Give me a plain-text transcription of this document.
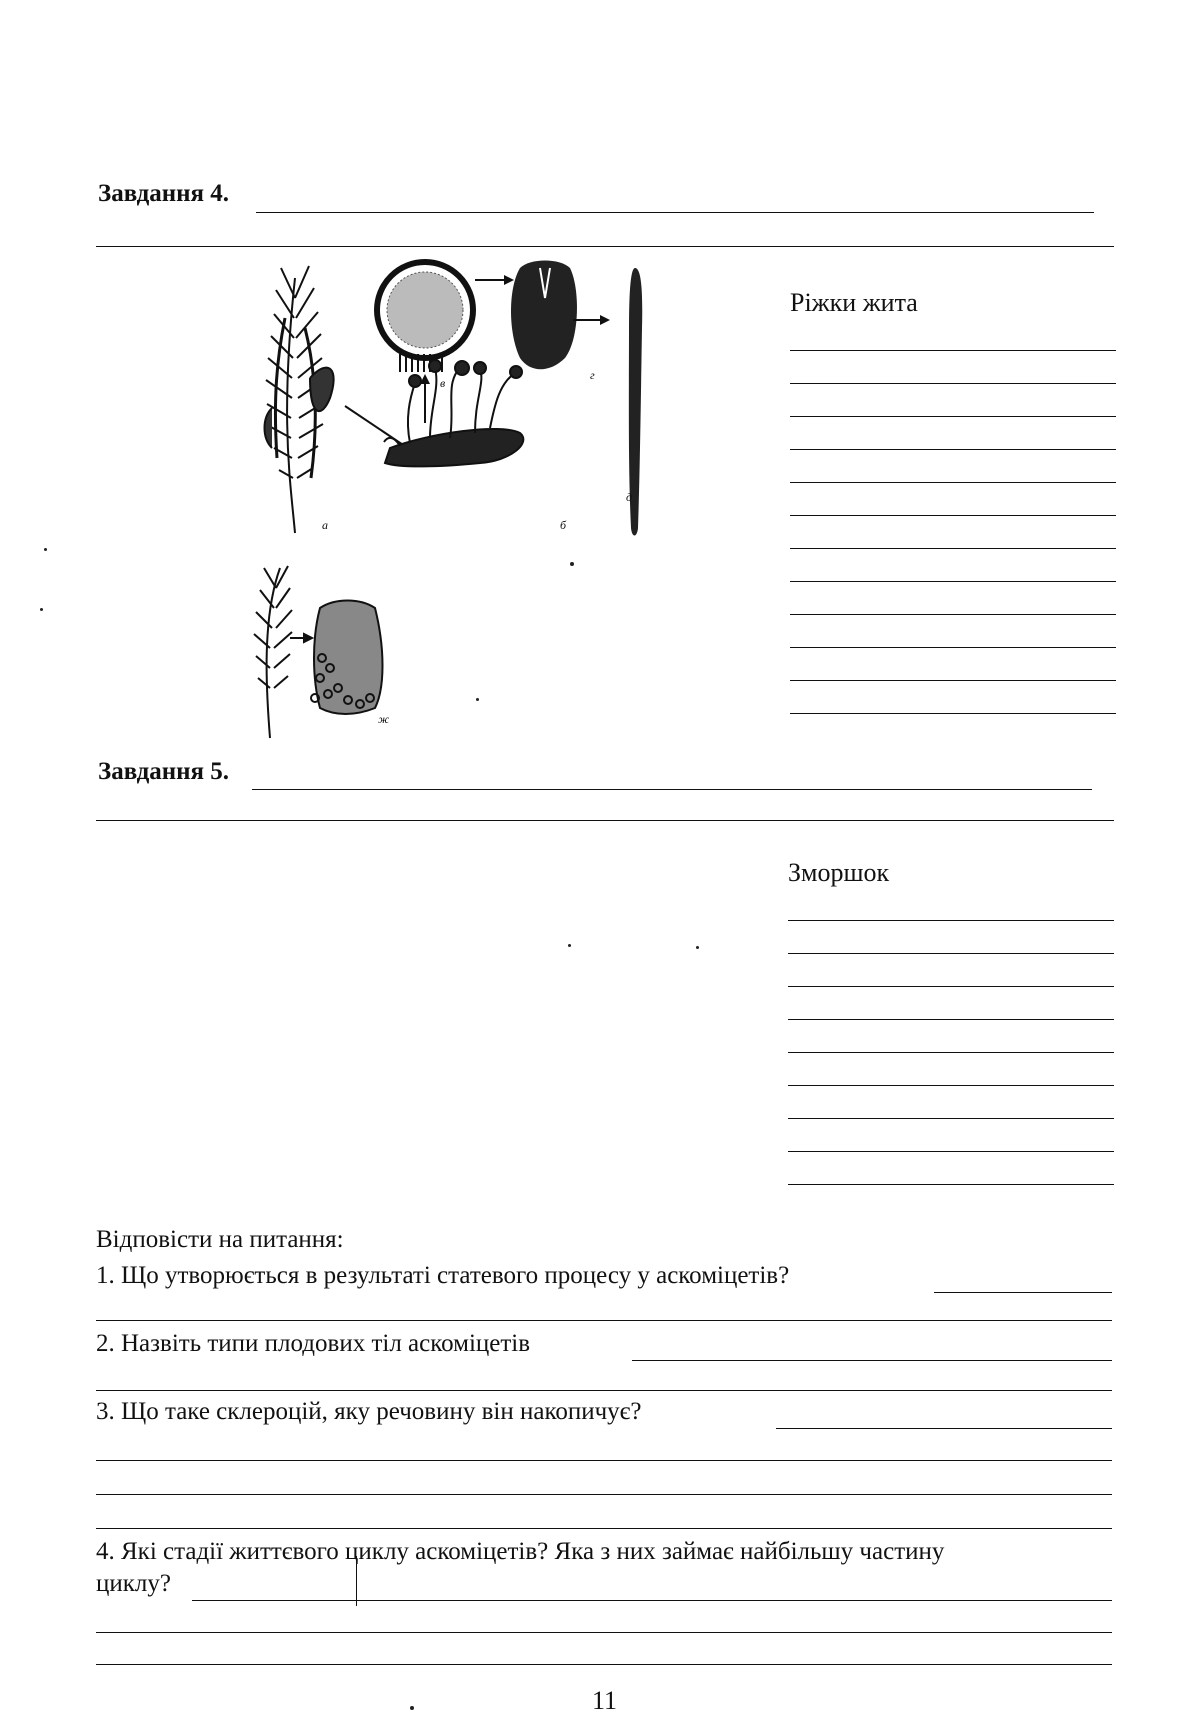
Завдання 4.
а	б
в
г
д
ж
Ріжки жита
Завдання 5.
Зморшок
Відповісти на питання:
1. Що утворюється в результаті статевого процесу у аскоміцетів?
2. Назвіть типи плодових тіл аскоміцетів
3. Що таке склероцій, яку речовину він накопичує?
4. Які стадії життєвого циклу аскоміцетів? Яка з них займає найбільшу частину
циклу?
11
